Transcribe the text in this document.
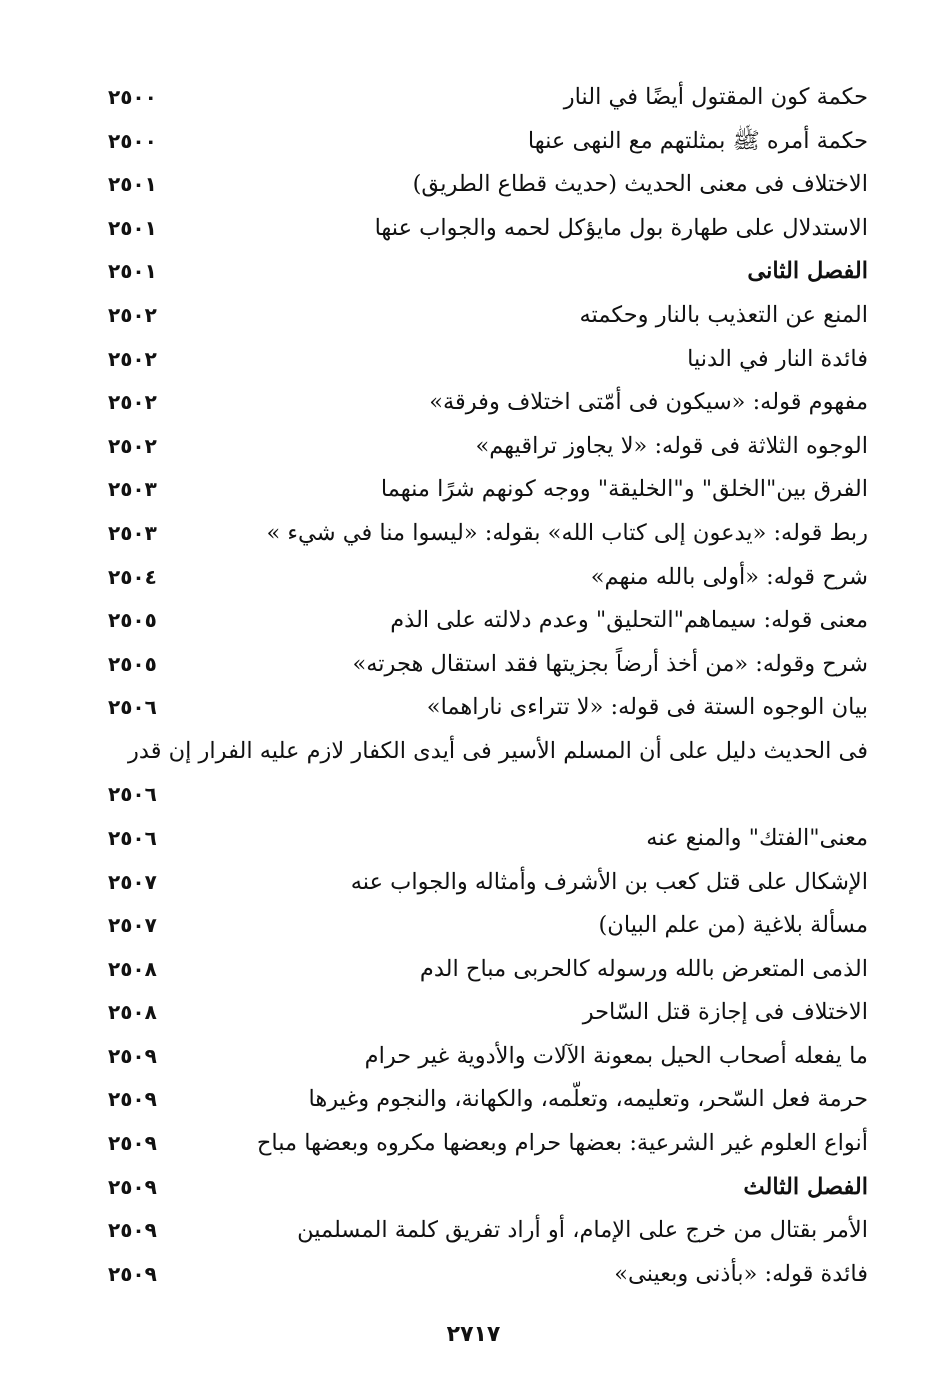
حكمة كون المقتول أيضًا في النار
٢٥٠٠
حكمة أمره ﷺ بمثلتهم مع النهى عنها
٢٥٠٠
الاختلاف فى معنى الحديث (حديث قطاع الطريق)
٢٥٠١
الاستدلال على طهارة بول مايؤكل لحمه والجواب عنها
٢٥٠١
الفصل الثانى
٢٥٠١
المنع عن التعذيب بالنار وحكمته
٢٥٠٢
فائدة النار في الدنيا
٢٥٠٢
مفهوم قوله: «سيكون فى أمّتى اختلاف وفرقة»
٢٥٠٢
الوجوه الثلاثة فى قوله: «لا يجاوز تراقيهم»
٢٥٠٢
الفرق بين"الخلق" و"الخليقة" ووجه كونهم شرًا منهما
٢٥٠٣
ربط قوله: «يدعون إلى كتاب الله» بقوله: «ليسوا منا في شيء »
٢٥٠٣
شرح قوله: «أولى بالله منهم»
٢٥٠٤
معنى قوله: سيماهم"التحليق" وعدم دلالته على الذم
٢٥٠٥
شرح وقوله: «من أخذ أرضاً بجزيتها فقد استقال هجرته»
٢٥٠٥
بيان الوجوه الستة فى قوله: «لا تتراءى ناراهما»
٢٥٠٦
فى الحديث دليل على أن المسلم الأسير فى أيدى الكفار لازم عليه الفرار إن قدر
٢٥٠٦
معنى"الفتك" والمنع عنه
٢٥٠٦
الإشكال على قتل كعب بن الأشرف وأمثاله والجواب عنه
٢٥٠٧
مسألة بلاغية (من علم البيان)
٢٥٠٧
الذمى المتعرض بالله ورسوله كالحربى مباح الدم
٢٥٠٨
الاختلاف فى إجازة قتل السّاحر
٢٥٠٨
ما يفعله أصحاب الحيل بمعونة الآلات والأدوية غير حرام
٢٥٠٩
حرمة فعل السّحر، وتعليمه، وتعلّمه، والكهانة، والنجوم وغيرها
٢٥٠٩
أنواع العلوم غير الشرعية: بعضها حرام وبعضها مكروه وبعضها مباح
٢٥٠٩
الفصل الثالث
٢٥٠٩
الأمر بقتال من خرج على الإمام، أو أراد تفريق كلمة المسلمين
٢٥٠٩
فائدة قوله: «بأذنى وبعينى»
٢٥٠٩
٢٧١٧
